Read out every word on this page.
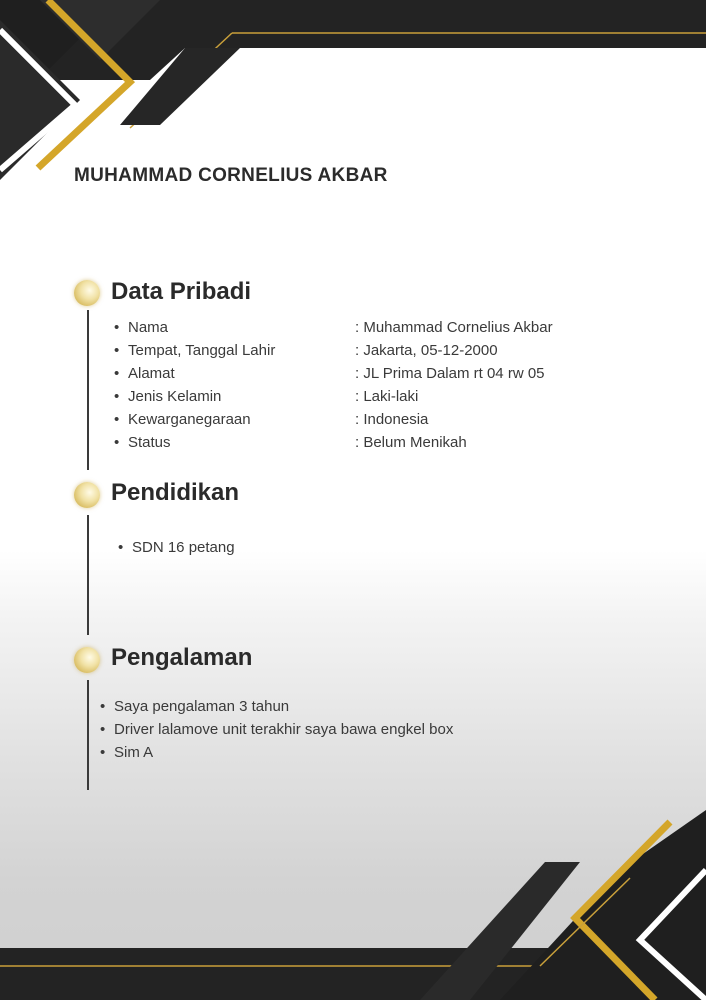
MUHAMMAD CORNELIUS AKBAR
Data Pribadi
• Nama	: Muhammad Cornelius Akbar
• Tempat, Tanggal Lahir	: Jakarta, 05-12-2000
• Alamat	: JL Prima Dalam rt 04 rw 05
• Jenis Kelamin	: Laki-laki
• Kewarganegaraan	: Indonesia
• Status	: Belum Menikah
Pendidikan
• SDN 16 petang
Pengalaman
• Saya pengalaman 3 tahun
• Driver lalamove unit terakhir saya bawa engkel box
• Sim A
